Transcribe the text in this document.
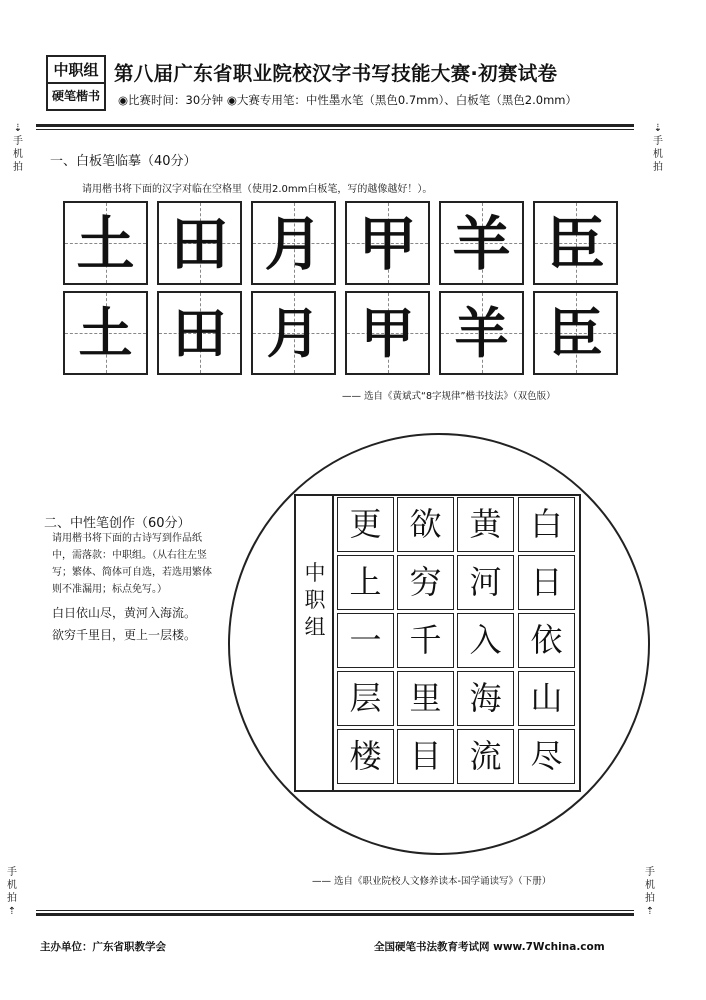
中职组
硬笔楷书
第八届广东省职业院校汉字书写技能大赛·初赛试卷
◉比赛时间：30分钟 ◉大赛专用笔：中性墨水笔（黑色0.7mm）、白板笔（黑色2.0mm）
⇣
手
机
拍
⇣
手
机
拍
手
机
拍
⇡
手
机
拍
⇡
一、白板笔临摹（40分）
请用楷书将下面的汉字对临在空格里（使用2.0mm白板笔，写的越像越好！）。
土 田 月 甲 羊 臣
土 田 月 甲 羊 臣
—— 选自《黄斌式“8字规律”楷书技法》（双色版）
二、中性笔创作（60分）
请用楷书将下面的古诗写到作品纸中，需落款：中职组。（从右往左竖写；繁体、简体可自选，若选用繁体则不准漏用；标点免写。）
白日依山尽，黄河入海流。
欲穷千里目，更上一层楼。
中职组
更
上
一
层
楼
欲
穷
千
里
目
黄
河
入
海
流
白
日
依
山
尽
—— 选自《职业院校人文修养读本-国学诵读写》（下册）
主办单位：广东省职教学会	全国硬笔书法教育考试网 www.7Wchina.com
